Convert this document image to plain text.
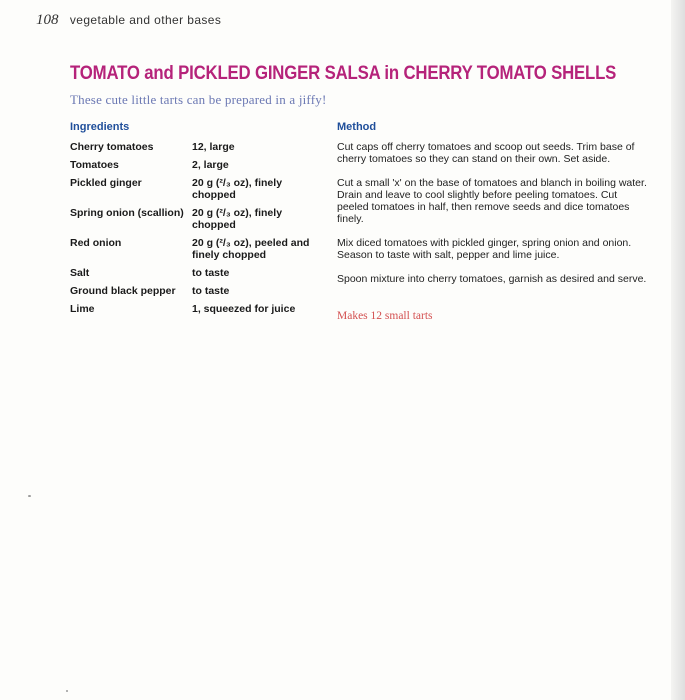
108 vegetable and other bases
TOMATO and PICKLED GINGER SALSA in CHERRY TOMATO SHELLS
These cute little tarts can be prepared in a jiffy!
Ingredients	Method
Cherry tomatoes	12, large
Tomatoes	2, large
Pickled ginger	20 g (²/₃ oz), finely chopped
Spring onion (scallion) 20 g (²/₃ oz), finely chopped
Red onion	20 g (²/₃ oz), peeled and finely chopped
Salt	to taste
Ground black pepper to taste
Lime	1, squeezed for juice
Cut caps off cherry tomatoes and scoop out seeds. Trim base of cherry tomatoes so they can stand on their own. Set aside.
Cut a small 'x' on the base of tomatoes and blanch in boiling water. Drain and leave to cool slightly before peeling tomatoes. Cut peeled tomatoes in half, then remove seeds and dice tomatoes finely.
Mix diced tomatoes with pickled ginger, spring onion and onion. Season to taste with salt, pepper and lime juice.
Spoon mixture into cherry tomatoes, garnish as desired and serve.
Makes 12 small tarts
